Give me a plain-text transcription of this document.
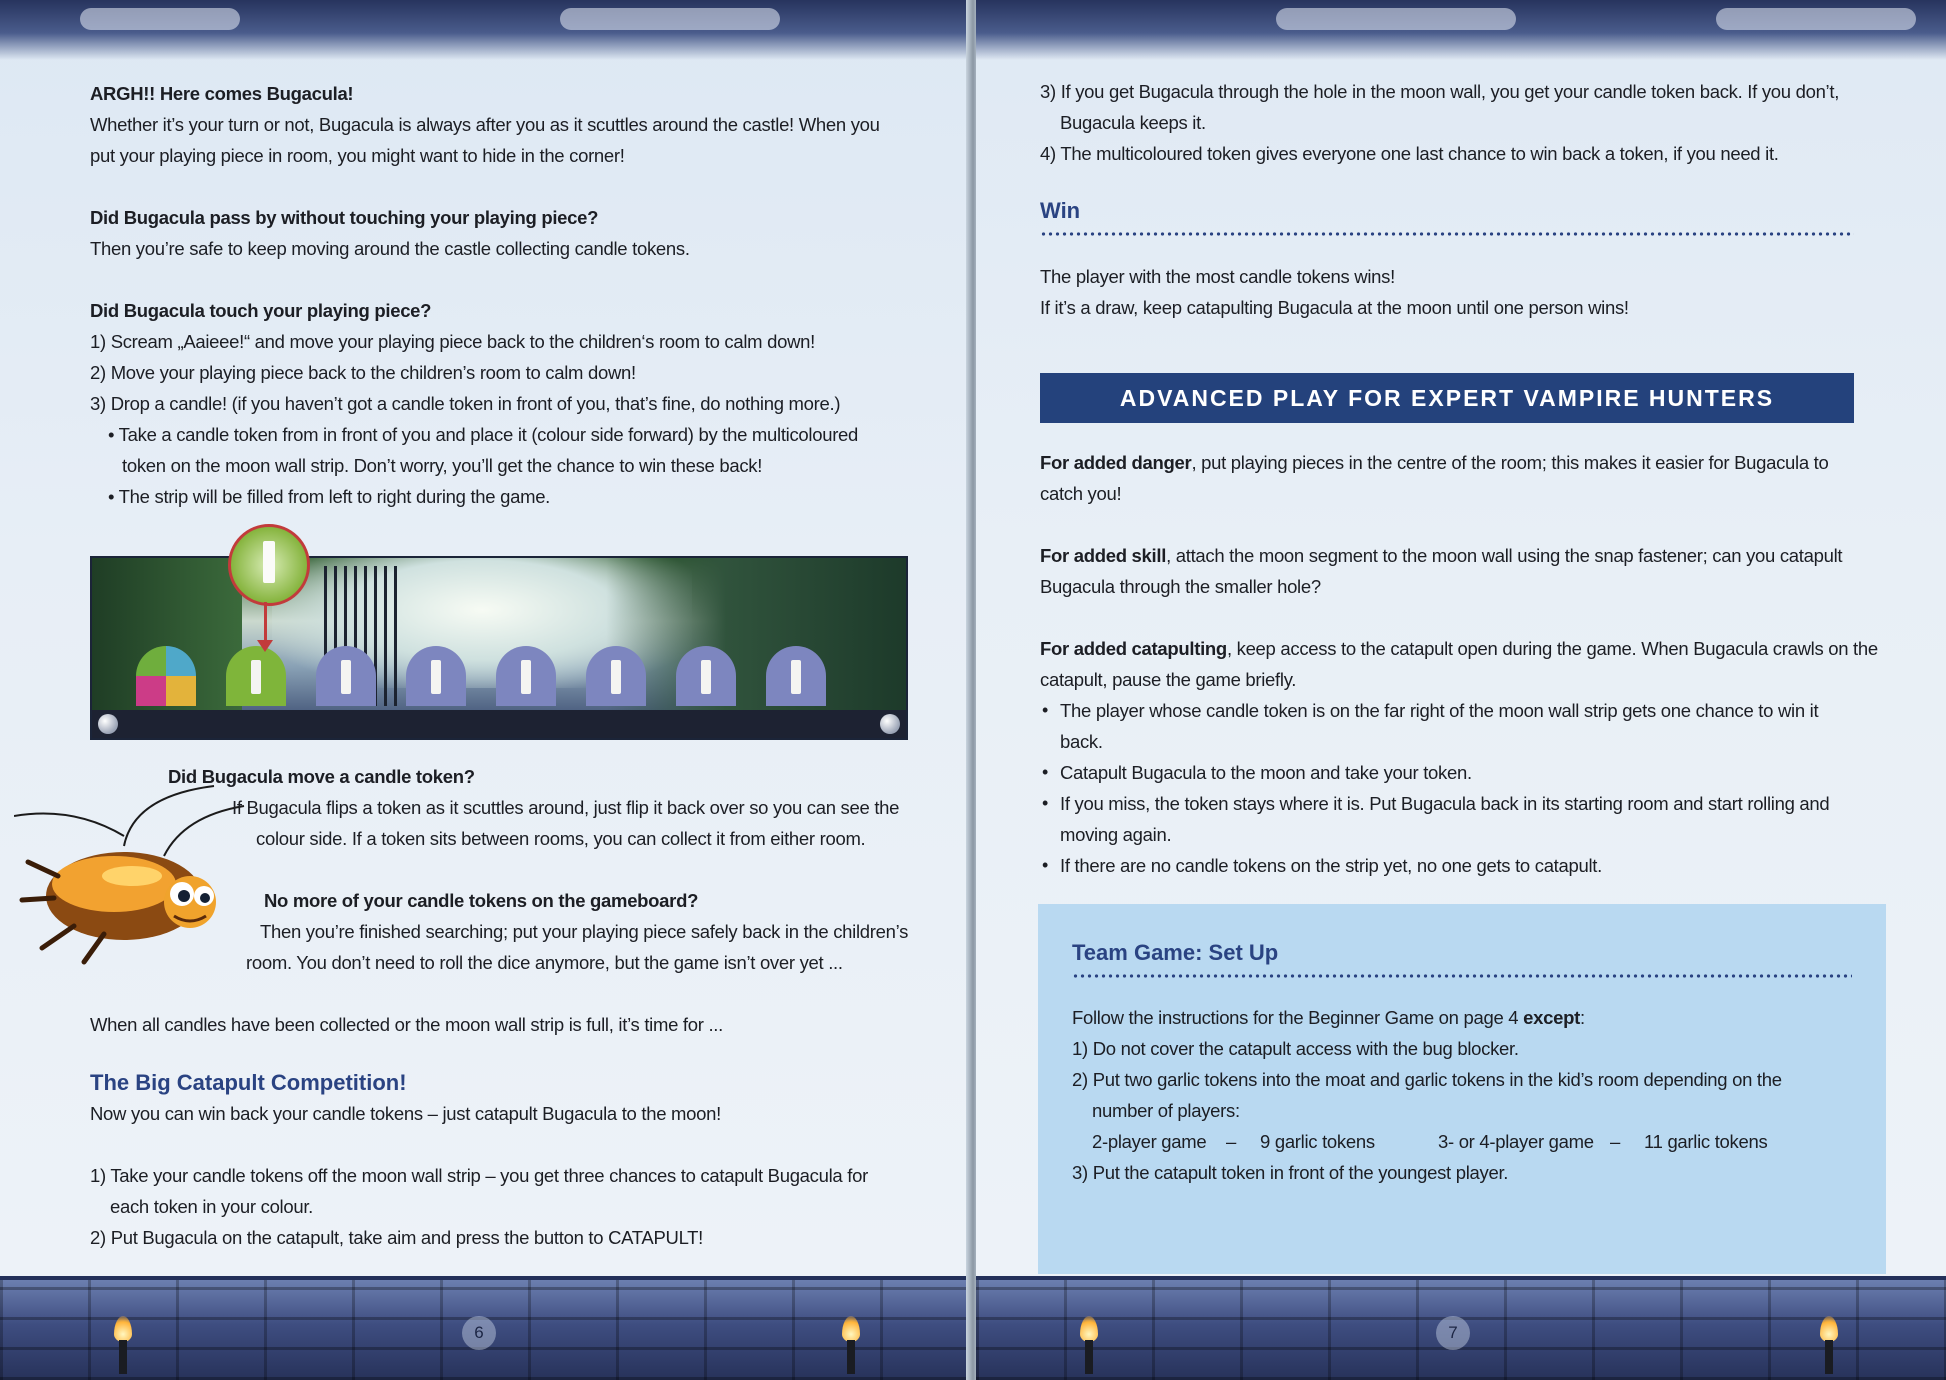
ARGH!! Here comes Bugacula!
Whether it’s your turn or not, Bugacula is always after you as it scuttles around the castle! When you
put your playing piece in room, you might want to hide in the corner!
Did Bugacula pass by without touching your playing piece?
Then you’re safe to keep moving around the castle collecting candle tokens.
Did Bugacula touch your playing piece?
1) Scream „Aaieee!“ and move your playing piece back to the children‘s room to calm down!
2) Move your playing piece back to the children’s room to calm down!
3) Drop a candle! (if you haven’t got a candle token in front of you, that’s fine, do nothing more.)
• Take a candle token from in front of you and place it (colour side forward) by the multicoloured
token on the moon wall strip. Don’t worry, you’ll get the chance to win these back!
• The strip will be filled from left to right during the game.
Did Bugacula move a candle token?
If Bugacula flips a token as it scuttles around, just flip it back over so you can see the
colour side. If a token sits between rooms, you can collect it from either room.
No more of your candle tokens on the gameboard?
Then you’re finished searching; put your playing piece safely back in the children’s
room. You don’t need to roll the dice anymore, but the game isn’t over yet ...
When all candles have been collected or the moon wall strip is full, it’s time for ...
The Big Catapult Competition!
Now you can win back your candle tokens – just catapult Bugacula to the moon!
1) Take your candle tokens off the moon wall strip – you get three chances to catapult Bugacula for
each token in your colour.
2) Put Bugacula on the catapult, take aim and press the button to CATAPULT!
6
3) If you get Bugacula through the hole in the moon wall, you get your candle token back. If you don’t,
Bugacula keeps it.
4) The multicoloured token gives everyone one last chance to win back a token, if you need it.
Win
The player with the most candle tokens wins!
If it’s a draw, keep catapulting Bugacula at the moon until one person wins!
ADVANCED PLAY FOR EXPERT VAMPIRE HUNTERS
For added danger, put playing pieces in the centre of the room; this makes it easier for Bugacula to
catch you!
For added skill, attach the moon segment to the moon wall using the snap fastener; can you catapult
Bugacula through the smaller hole?
For added catapulting, keep access to the catapult open during the game. When Bugacula crawls on the
catapult, pause the game briefly.
• The player whose candle token is on the far right of the moon wall strip gets one chance to win it
back.
• Catapult Bugacula to the moon and take your token.
• If you miss, the token stays where it is. Put Bugacula back in its starting room and start rolling and
moving again.
• If there are no candle tokens on the strip yet, no one gets to catapult.
Team Game: Set Up
Follow the instructions for the Beginner Game on page 4 except:
1) Do not cover the catapult access with the bug blocker.
2) Put two garlic tokens into the moat and garlic tokens in the kid’s room depending on the
number of players:
2-player game – 9 garlic tokens	3- or 4-player game – 11 garlic tokens
3) Put the catapult token in front of the youngest player.
7
